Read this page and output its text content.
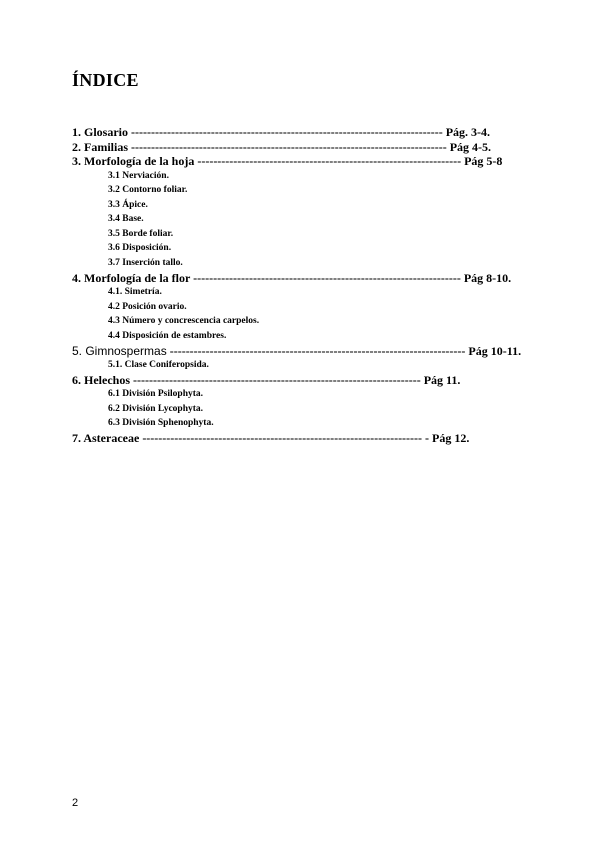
ÍNDICE
1. Glosario ------------------------------------------------------------------------------ Pág. 3-4.
2. Familias ------------------------------------------------------------------------------- Pág 4-5.
3. Morfología de la hoja ------------------------------------------------------------------ Pág 5-8
3.1 Nerviación.
3.2 Contorno foliar.
3.3 Ápice.
3.4 Base.
3.5 Borde foliar.
3.6 Disposición.
3.7 Inserción tallo.
4. Morfología de la flor ------------------------------------------------------------------- Pág 8-10.
4.1. Simetría.
4.2 Posición ovario.
4.3 Número y concrescencia carpelos.
4.4 Disposición de estambres.
5. Gimnospermas -------------------------------------------------------------------------- Pág 10-11.
5.1. Clase Coniferopsida.
6. Helechos ------------------------------------------------------------------------ Pág 11.
6.1 División Psilophyta.
6.2 División Lycophyta.
6.3 División Sphenophyta.
7. Asteraceae ---------------------------------------------------------------------- - Pág 12.
2
